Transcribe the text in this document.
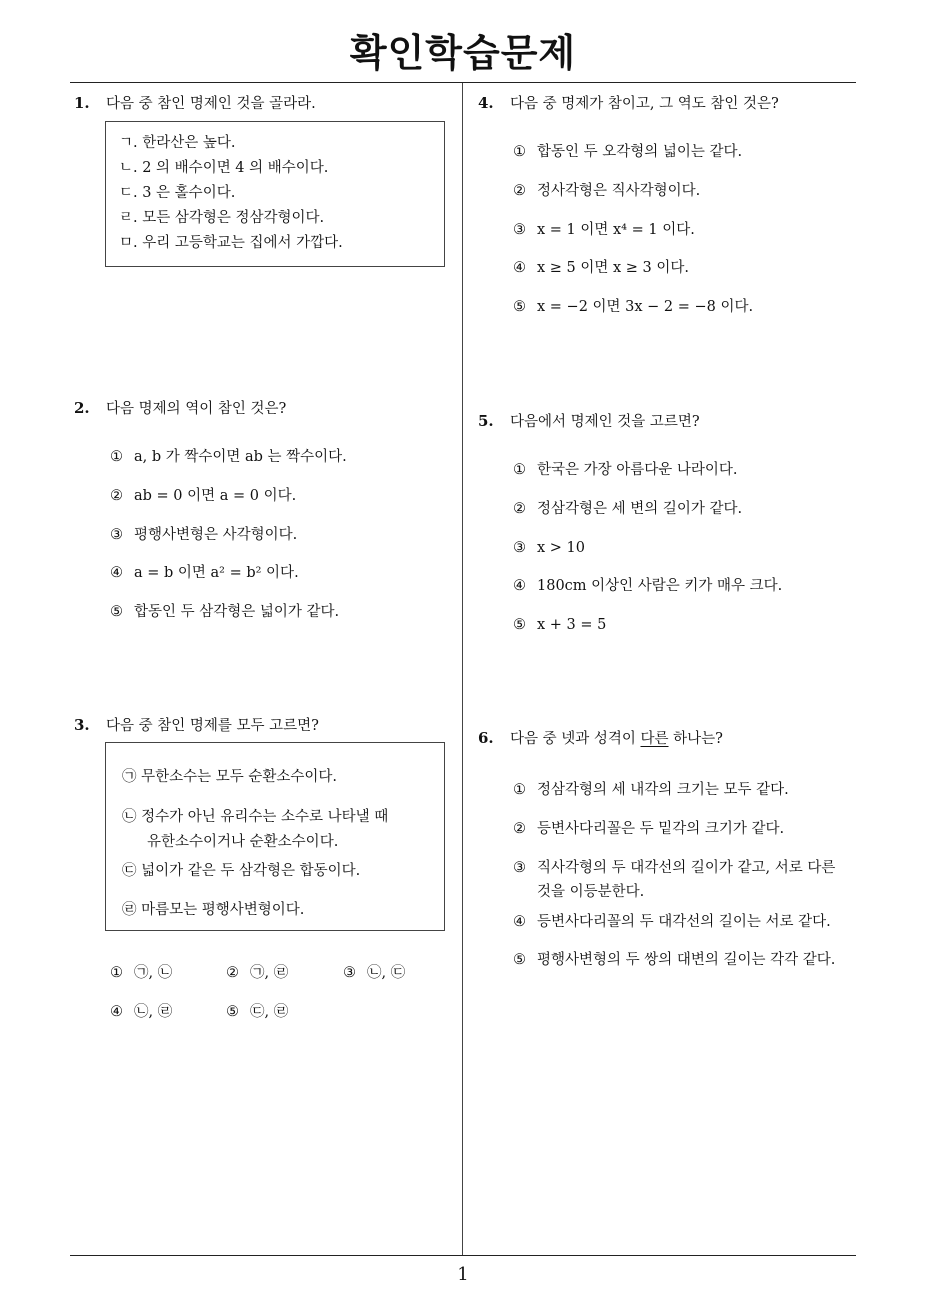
확인학습문제
1
1. 다음 중 참인 명제인 것을 골라라.
ㄱ. 한라산은 높다.
ㄴ. 2 의 배수이면 4 의 배수이다.
ㄷ. 3 은 홀수이다.
ㄹ. 모든 삼각형은 정삼각형이다.
ㅁ. 우리 고등학교는 집에서 가깝다.
2. 다음 명제의 역이 참인 것은?
① a, b 가 짝수이면 ab 는 짝수이다.
② ab = 0 이면 a = 0 이다.
③ 평행사변형은 사각형이다.
④ a = b 이면 a² = b² 이다.
⑤ 합동인 두 삼각형은 넓이가 같다.
3. 다음 중 참인 명제를 모두 고르면?
㉠ 무한소수는 모두 순환소수이다.
㉡ 정수가 아닌 유리수는 소수로 나타낼 때
유한소수이거나 순환소수이다.
㉢ 넓이가 같은 두 삼각형은 합동이다.
㉣ 마름모는 평행사변형이다.
① ㉠, ㉡	② ㉠, ㉣	③ ㉡, ㉢
④ ㉡, ㉣	⑤ ㉢, ㉣
4. 다음 중 명제가 참이고, 그 역도 참인 것은?
① 합동인 두 오각형의 넓이는 같다.
② 정사각형은 직사각형이다.
③ x = 1 이면 x⁴ = 1 이다.
④ x ≥ 5 이면 x ≥ 3 이다.
⑤ x = −2 이면 3x − 2 = −8 이다.
5. 다음에서 명제인 것을 고르면?
① 한국은 가장 아름다운 나라이다.
② 정삼각형은 세 변의 길이가 같다.
③ x > 10
④ 180cm 이상인 사람은 키가 매우 크다.
⑤ x + 3 = 5
6. 다음 중 넷과 성격이 다른 하나는?
① 정삼각형의 세 내각의 크기는 모두 같다.
② 등변사다리꼴은 두 밑각의 크기가 같다.
③ 직사각형의 두 대각선의 길이가 같고, 서로 다른
것을 이등분한다.
④ 등변사다리꼴의 두 대각선의 길이는 서로 같다.
⑤ 평행사변형의 두 쌍의 대변의 길이는 각각 같다.
